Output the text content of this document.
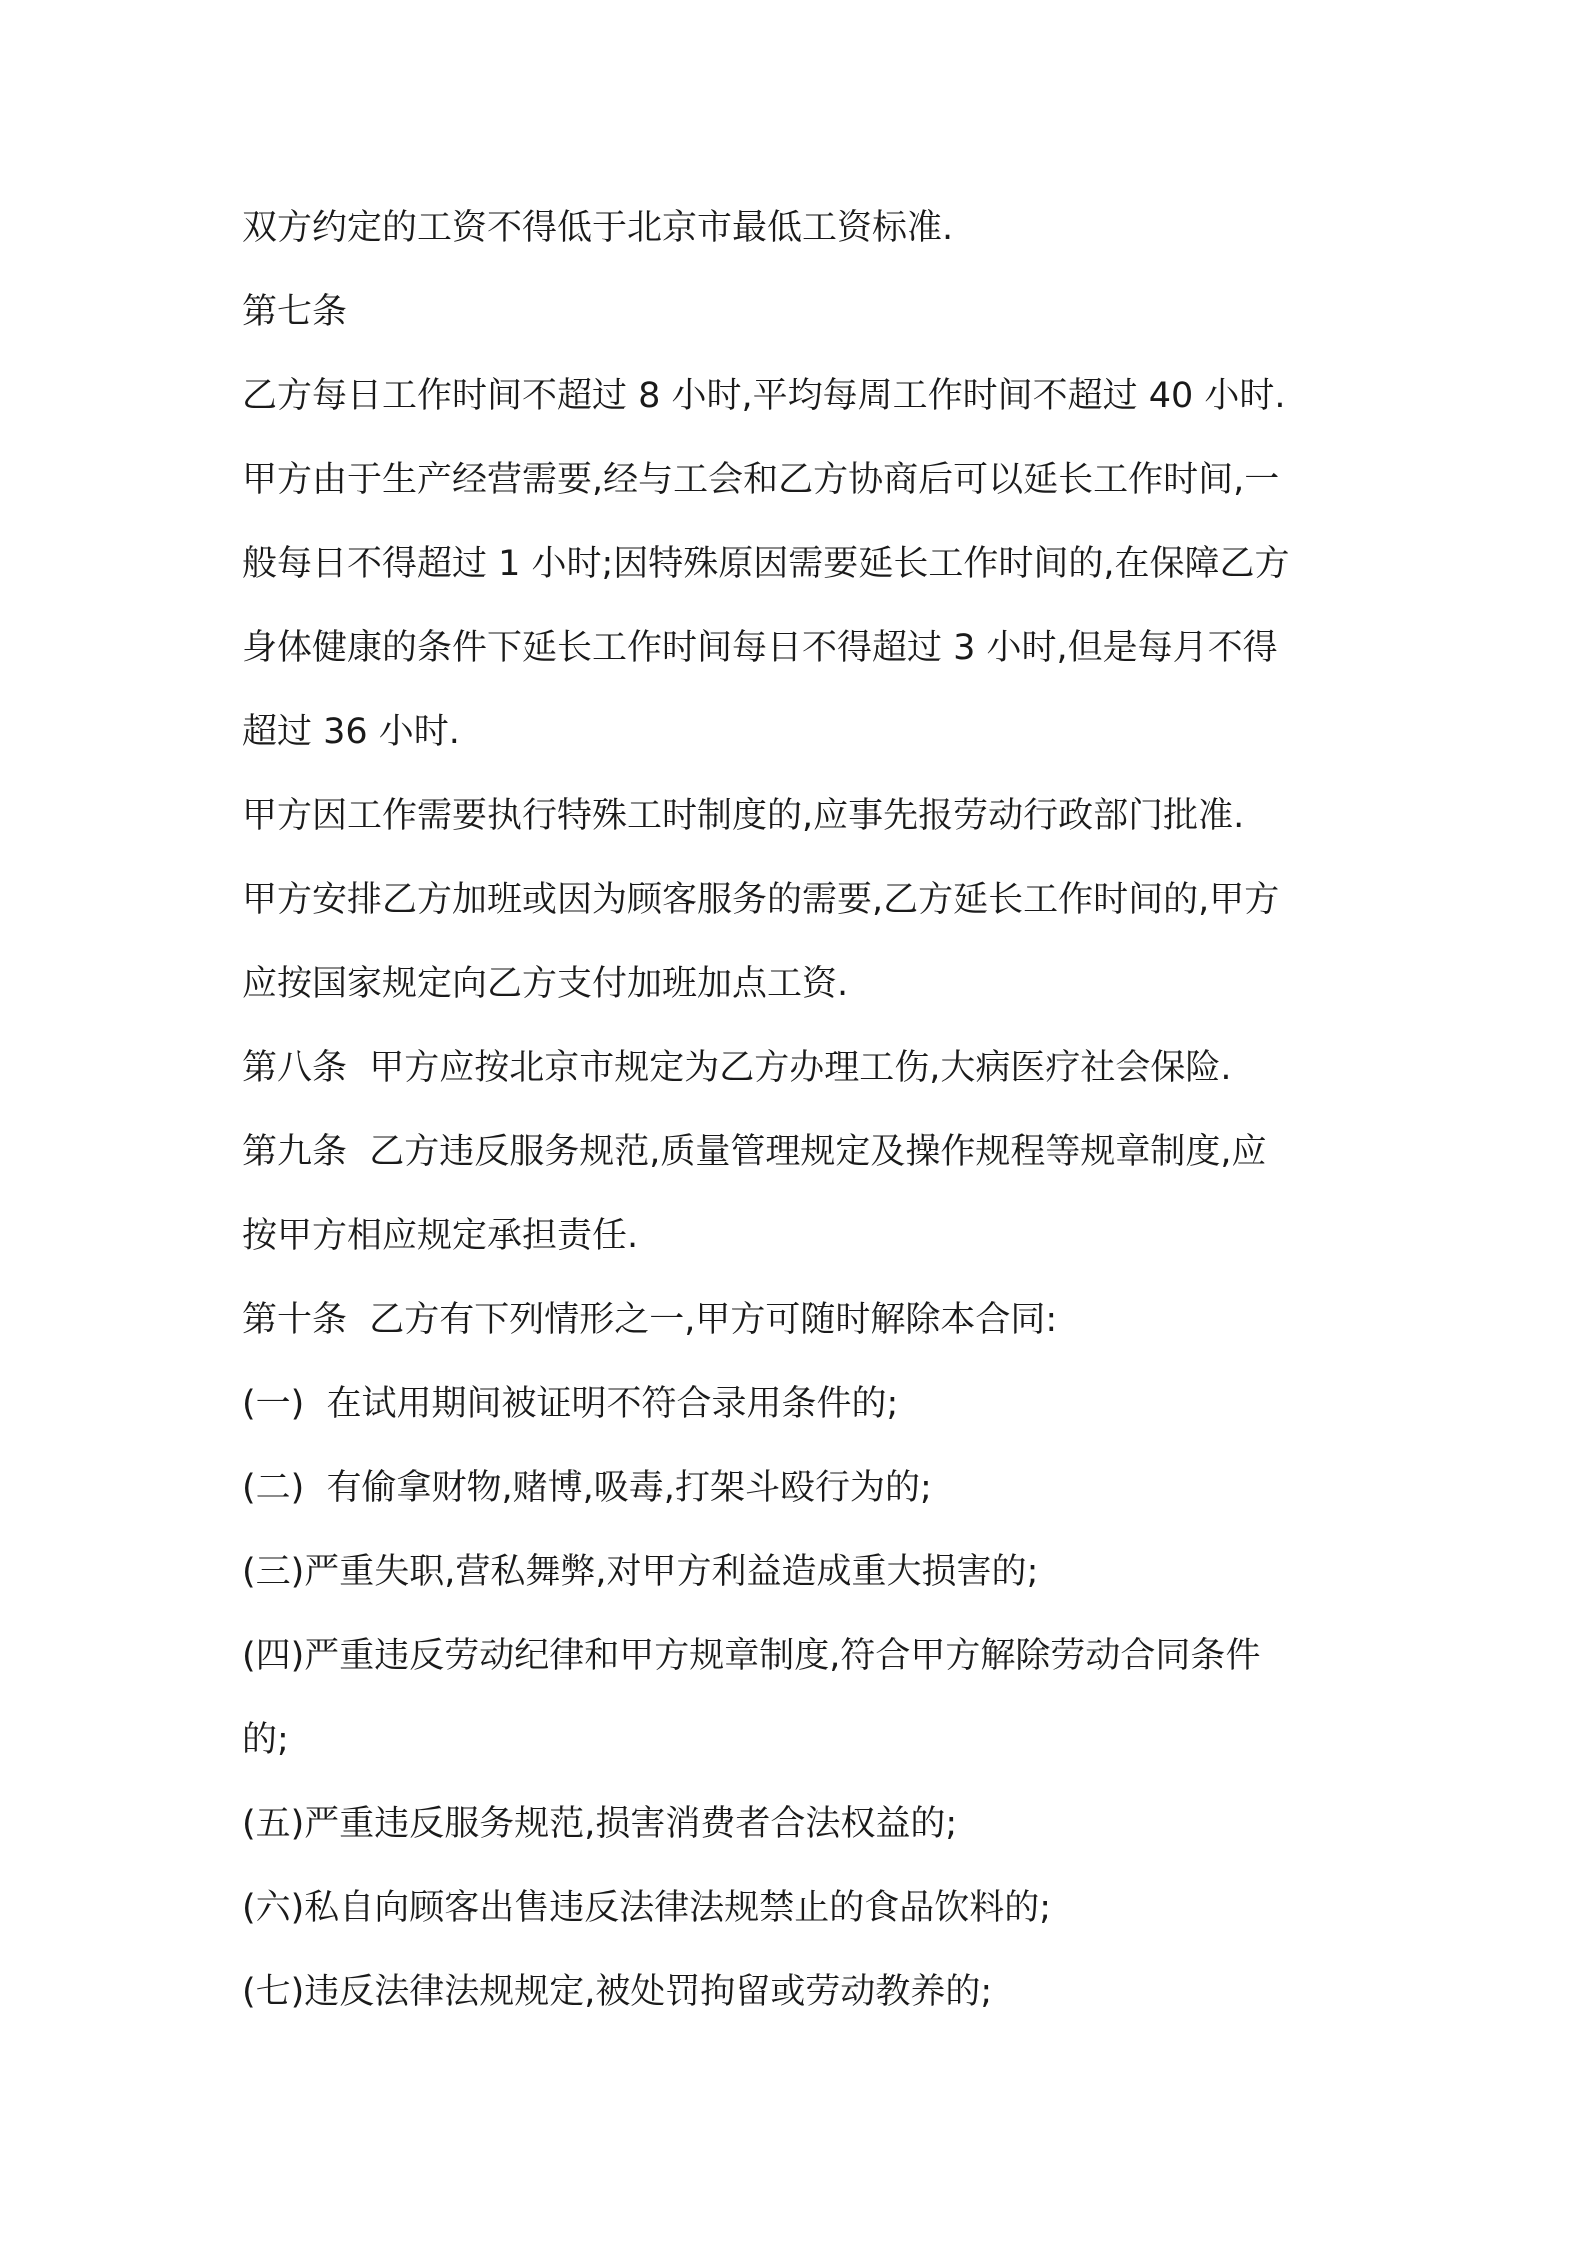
双方约定的工资不得低于北京市最低工资标准.
第七条
乙方每日工作时间不超过 8 小时,平均每周工作时间不超过 40 小时.
甲方由于生产经营需要,经与工会和乙方协商后可以延长工作时间,一
般每日不得超过 1 小时;因特殊原因需要延长工作时间的,在保障乙方
身体健康的条件下延长工作时间每日不得超过 3 小时,但是每月不得
超过 36 小时.
甲方因工作需要执行特殊工时制度的,应事先报劳动行政部门批准.
甲方安排乙方加班或因为顾客服务的需要,乙方延长工作时间的,甲方
应按国家规定向乙方支付加班加点工资.
第八条  甲方应按北京市规定为乙方办理工伤,大病医疗社会保险.
第九条  乙方违反服务规范,质量管理规定及操作规程等规章制度,应
按甲方相应规定承担责任.
第十条  乙方有下列情形之一,甲方可随时解除本合同:
(一)  在试用期间被证明不符合录用条件的;
(二)  有偷拿财物,赌博,吸毒,打架斗殴行为的;
(三)严重失职,营私舞弊,对甲方利益造成重大损害的;
(四)严重违反劳动纪律和甲方规章制度,符合甲方解除劳动合同条件
的;
(五)严重违反服务规范,损害消费者合法权益的;
(六)私自向顾客出售违反法律法规禁止的食品饮料的;
(七)违反法律法规规定,被处罚拘留或劳动教养的;
